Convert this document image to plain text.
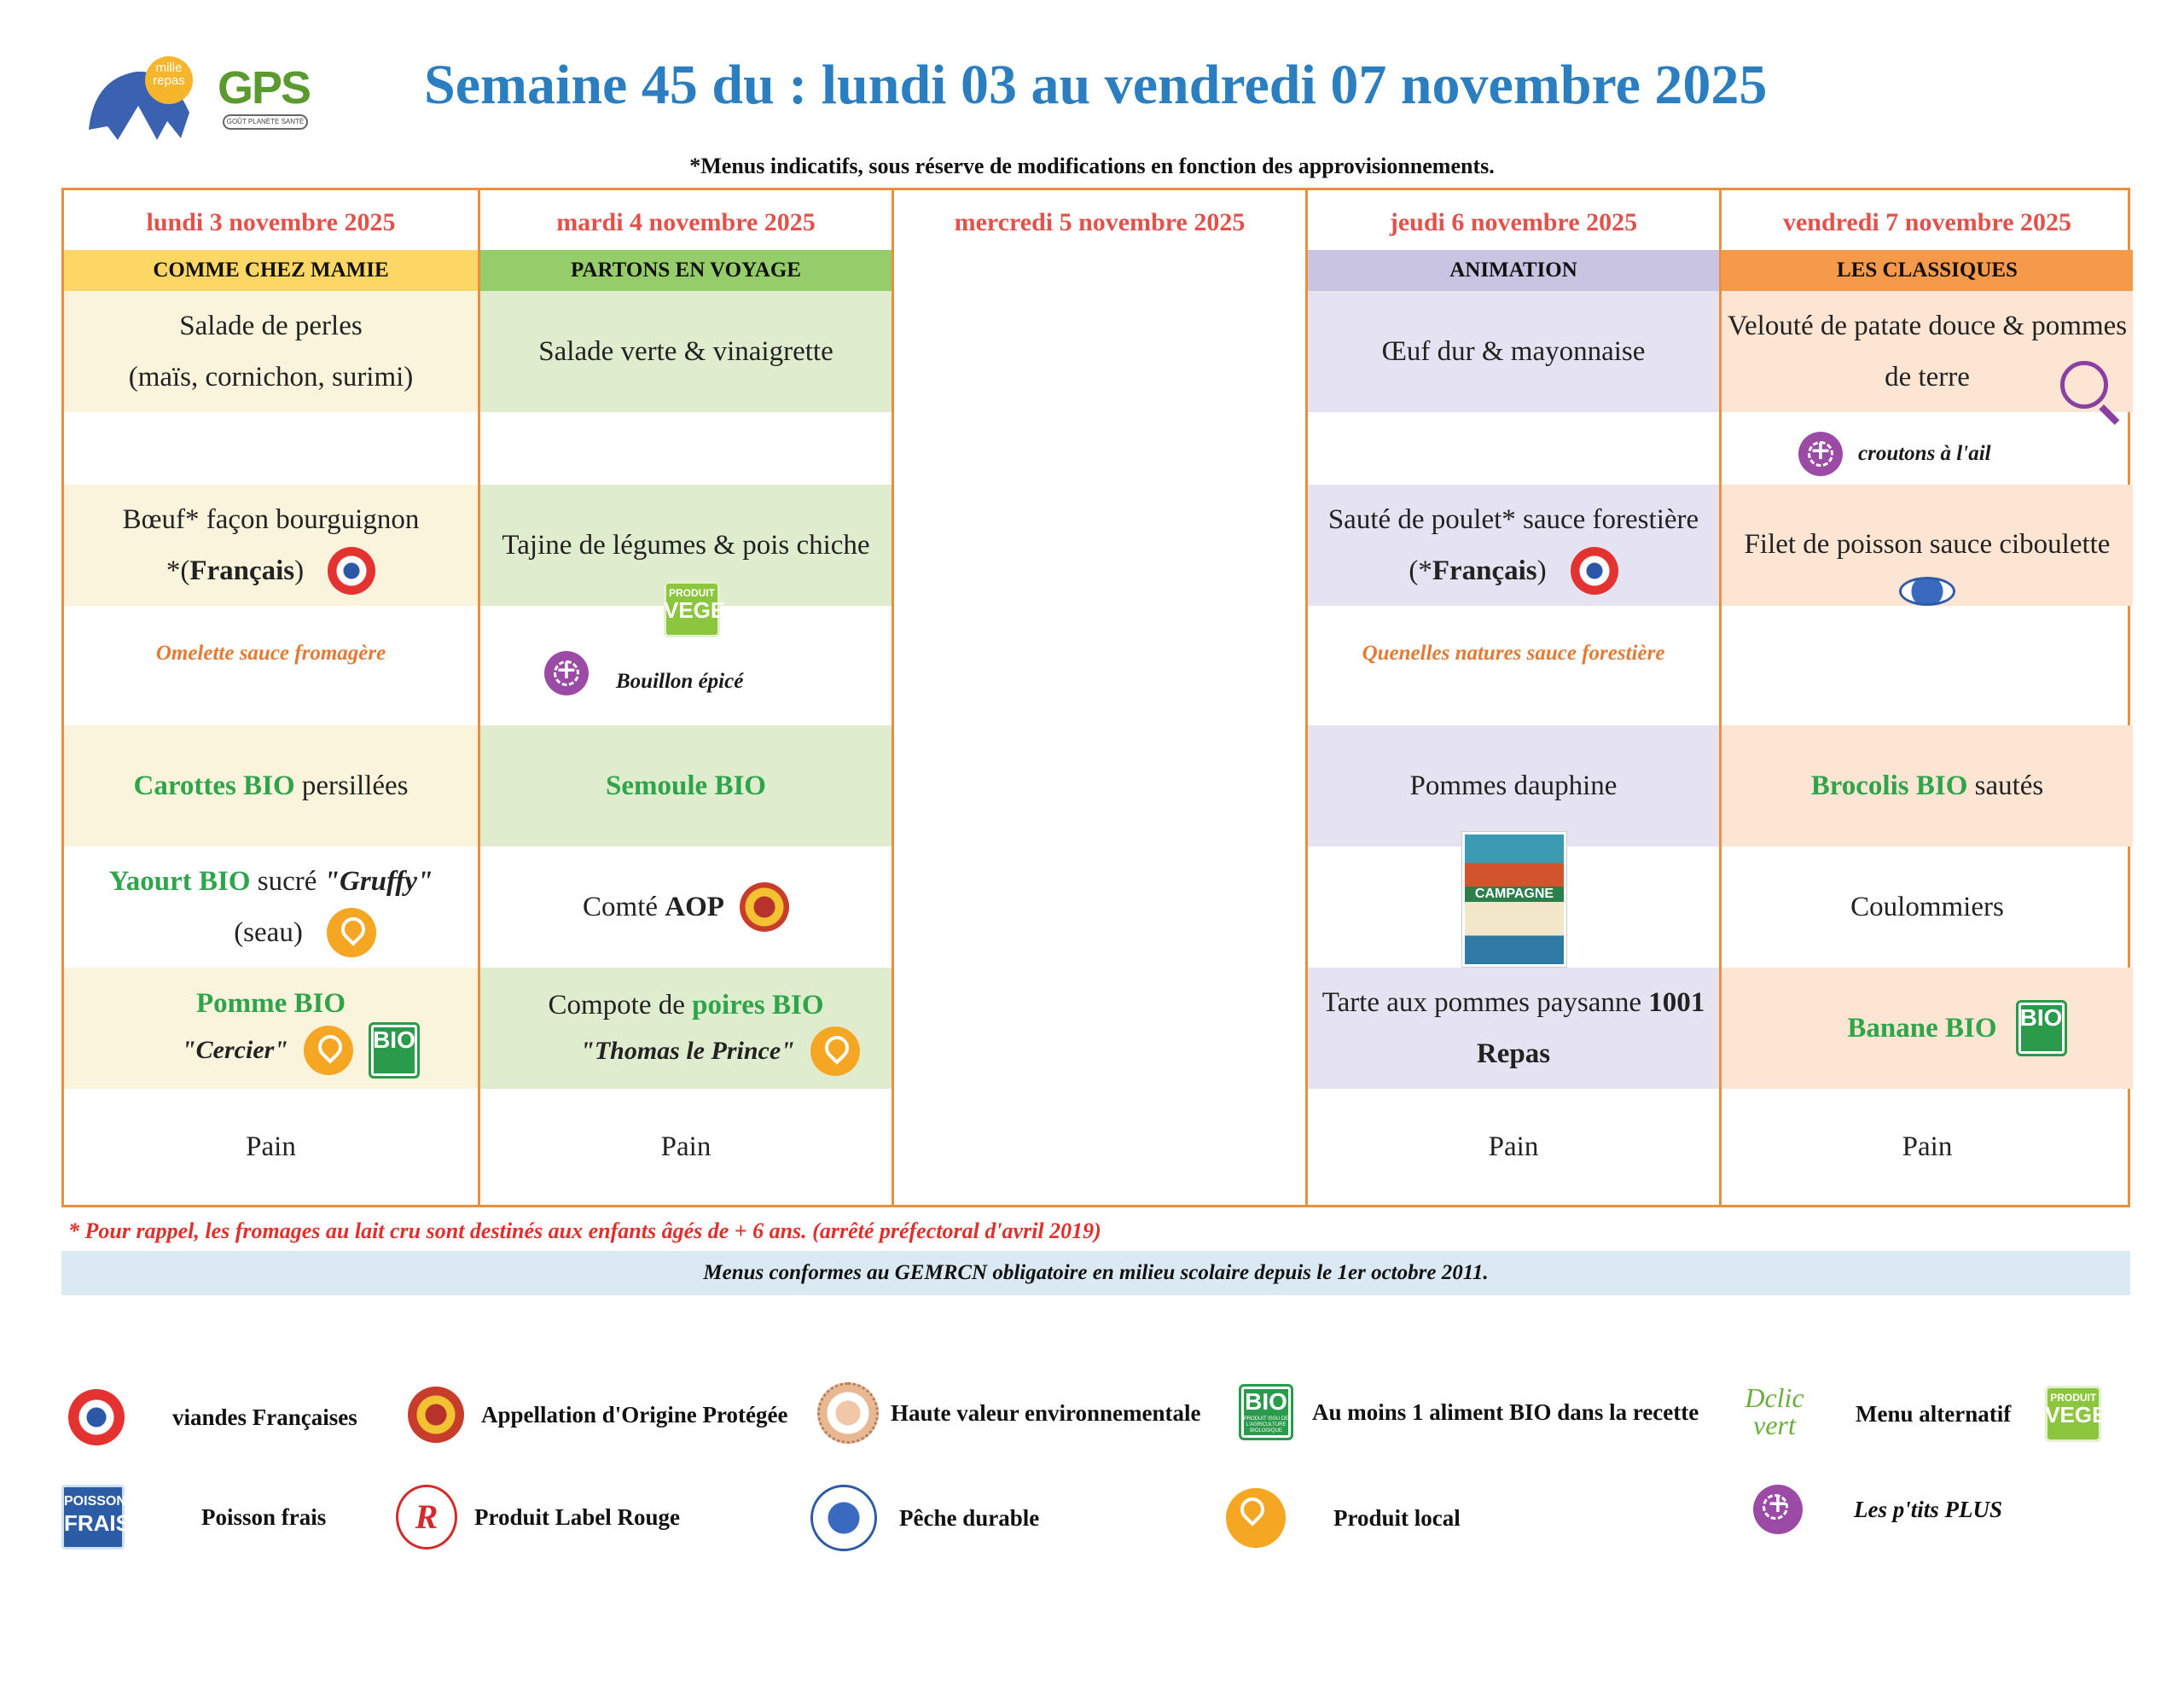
mille
repas GPS
GOÛT PLANÈTE SANTÉ
Semaine 45 du : lundi 03 au vendredi 07 novembre 2025
*Menus indicatifs, sous réserve de modifications en fonction des approvisionnements.
lundi 3 novembre 2025
COMME CHEZ MAMIE
Salade de perles
(maïs, cornichon, surimi)
Bœuf* façon bourguignon
*(Français)
Omelette sauce fromagère
Carottes BIO persillées
Yaourt BIO sucré "Gruffy"
(seau)
Pomme BIO
"Cercier"	BIO
Pain
mardi 4 novembre 2025
PARTONS EN VOYAGE
Salade verte & vinaigrette
Tajine de légumes & pois chiche
PRODUIT
VEGE
+
Bouillon épicé
Semoule BIO
Comté AOP
Compote de poires BIO
"Thomas le Prince"
Pain
mercredi 5 novembre 2025	jeudi 6 novembre 2025
ANIMATION
Œuf dur & mayonnaise
Sauté de poulet* sauce forestière
(*Français)
Quenelles natures sauce forestière
Pommes dauphine
CAMPAGNE
Tarte aux pommes paysanne 1001
Repas
Pain
vendredi 7 novembre 2025
LES CLASSIQUES
Velouté de patate douce & pommes
de terre
+
croutons à l'ail
Filet de poisson sauce ciboulette
Brocolis BIO sautés
Coulommiers
Banane BIO BIO
Pain
* Pour rappel, les fromages au lait cru sont destinés aux enfants âgés de + 6 ans. (arrêté préfectoral d'avril 2019)
Menus conformes au GEMRCN obligatoire en milieu scolaire depuis le 1er octobre 2011.
viandes Françaises	Appellation d'Origine Protégée	Haute valeur environnementale BIO
PRODUIT ISSU DE L'AGRICULTURE BIOLOGIQUE
Au moins 1 aliment BIO dans la recette	Dclic
vert	Menu alternatif
PRODUIT
VEGE
POISSON
FRAIS	Poisson frais	R	Produit Label Rouge	Pêche durable	Produit local
+	Les p'tits PLUS
